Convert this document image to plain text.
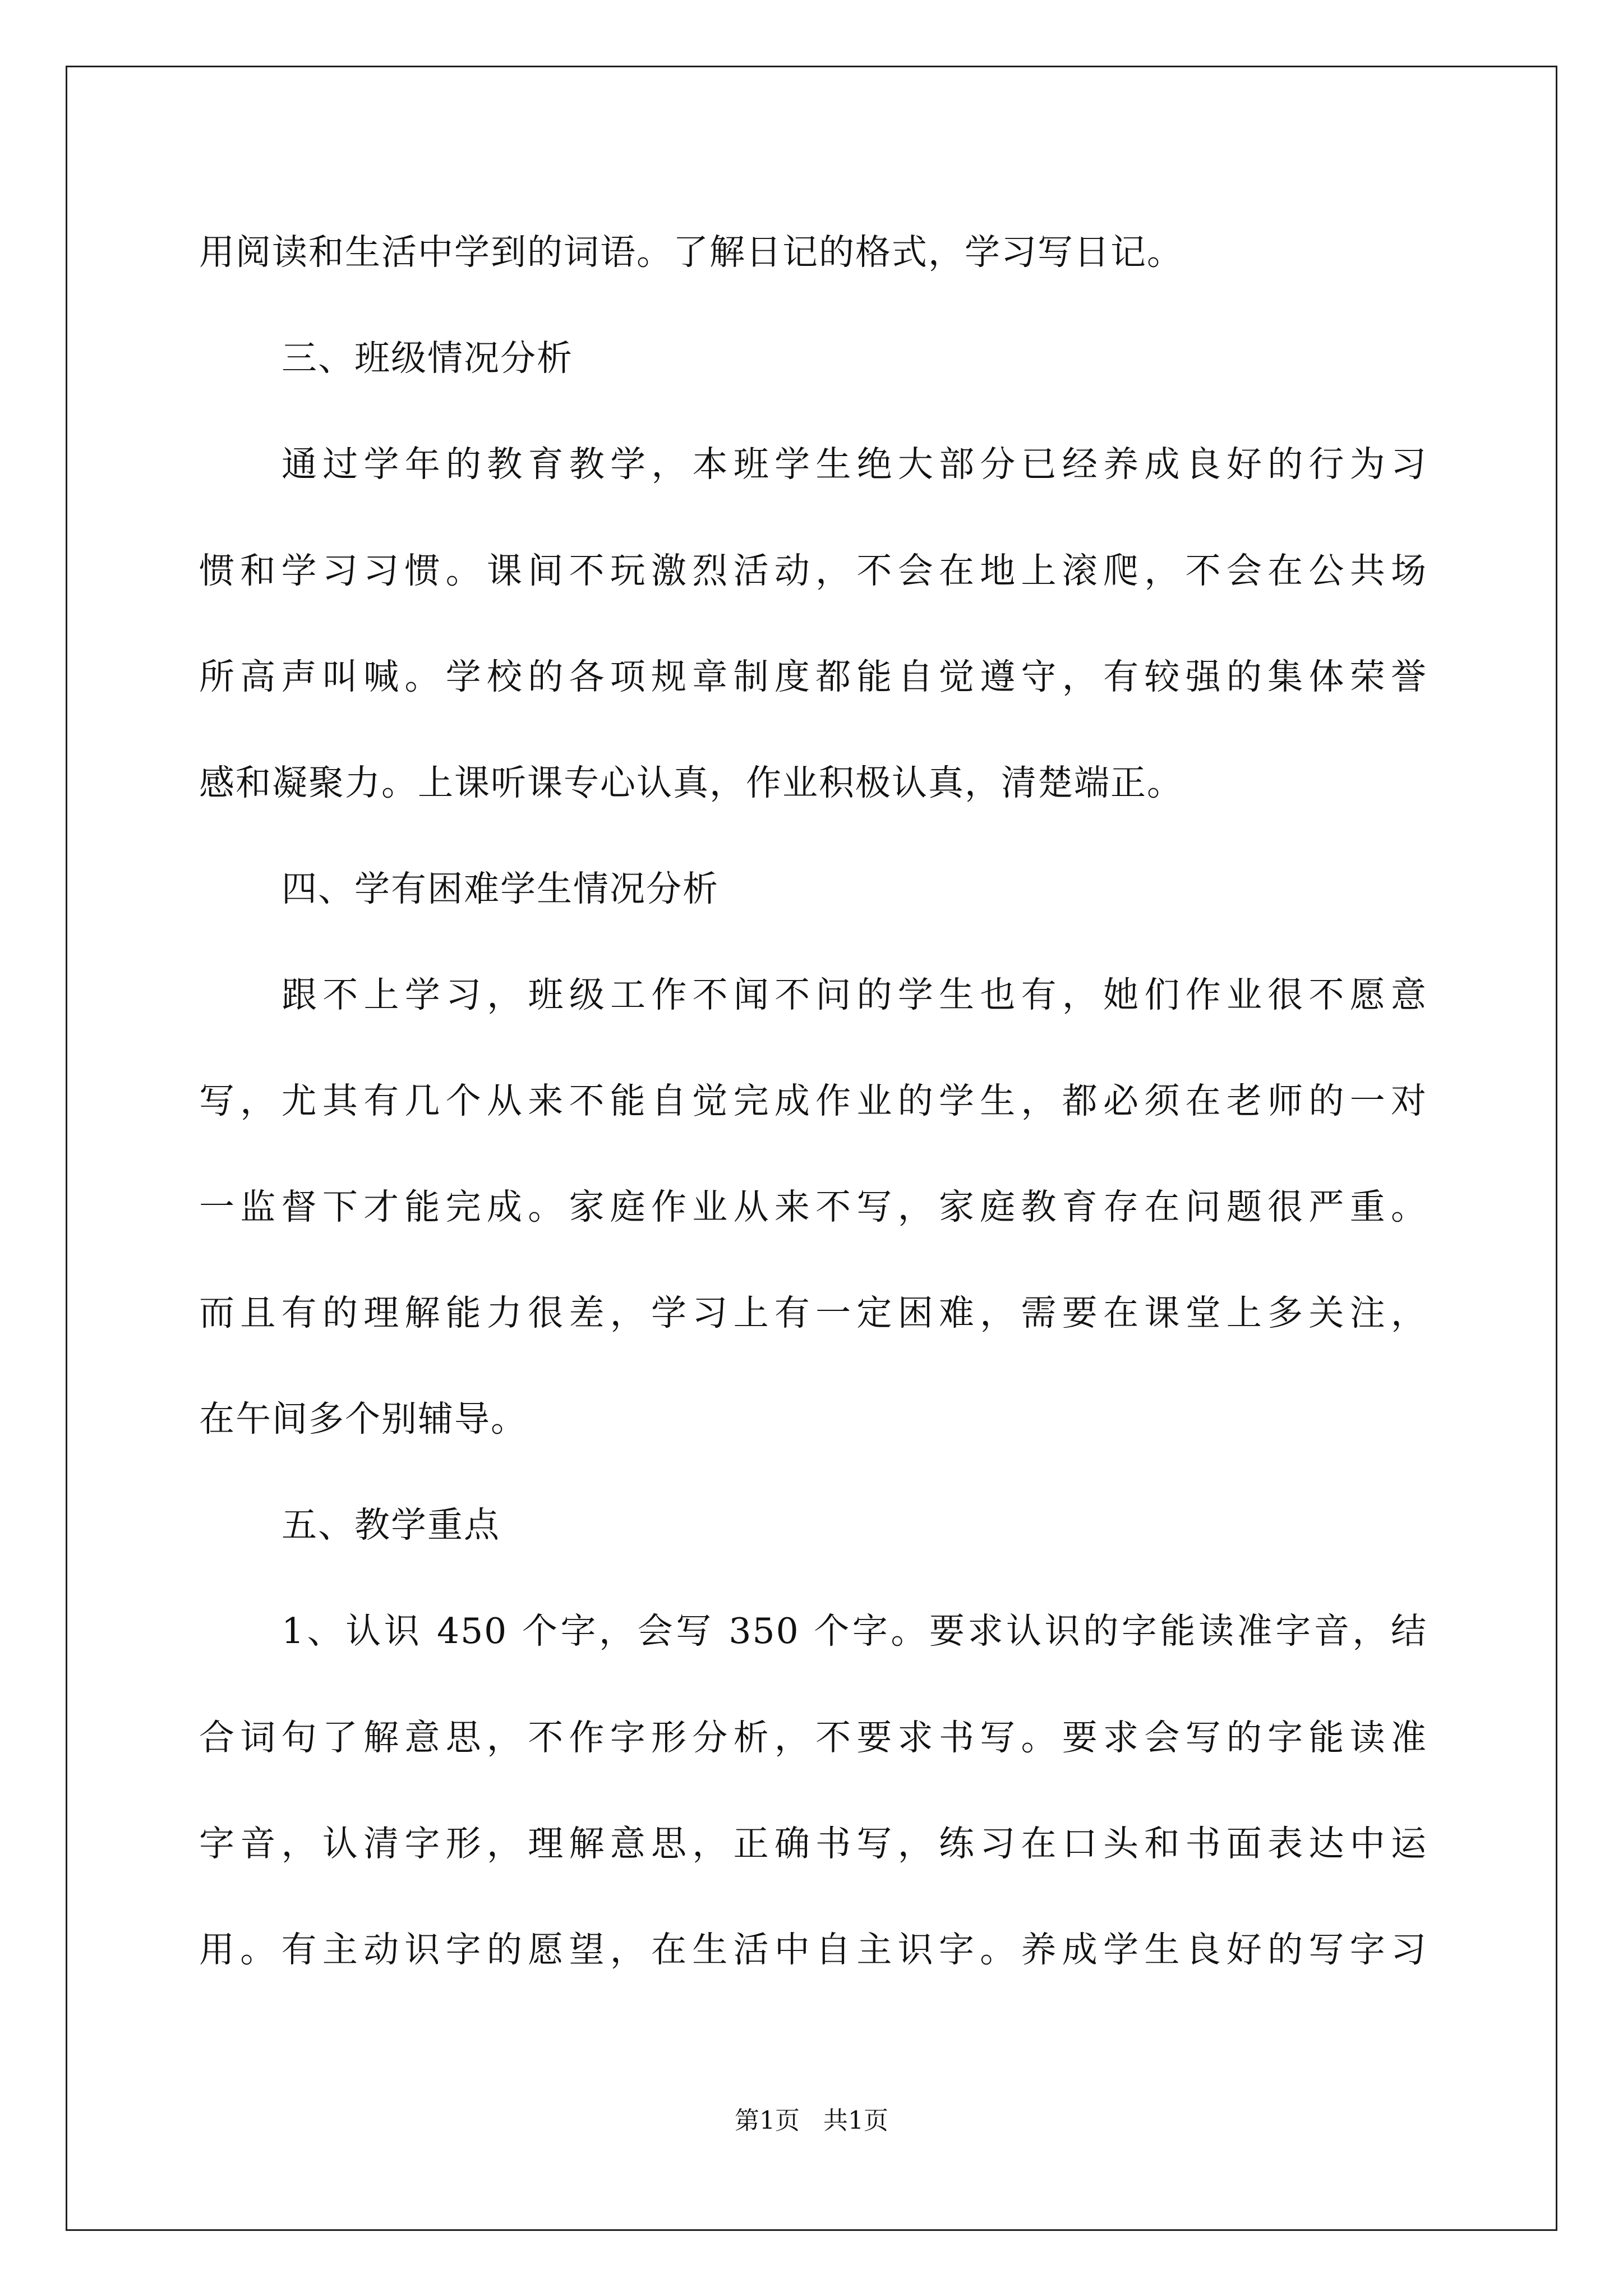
用阅读和生活中学到的词语。了解日记的格式，学习写日记。
三、班级情况分析
通过学年的教育教学，本班学生绝大部分已经养成良好的行为习
惯和学习习惯。课间不玩激烈活动，不会在地上滚爬，不会在公共场
所高声叫喊。学校的各项规章制度都能自觉遵守，有较强的集体荣誉
感和凝聚力。上课听课专心认真，作业积极认真，清楚端正。
四、学有困难学生情况分析
跟不上学习，班级工作不闻不问的学生也有，她们作业很不愿意
写，尤其有几个从来不能自觉完成作业的学生，都必须在老师的一对
一监督下才能完成。家庭作业从来不写，家庭教育存在问题很严重。
而且有的理解能力很差，学习上有一定困难，需要在课堂上多关注，
在午间多个别辅导。
五、教学重点
1、认识 450 个字，会写 350 个字。要求认识的字能读准字音，结
合词句了解意思，不作字形分析，不要求书写。要求会写的字能读准
字音，认清字形，理解意思，正确书写，练习在口头和书面表达中运
用。有主动识字的愿望，在生活中自主识字。养成学生良好的写字习
第1页   共1页
